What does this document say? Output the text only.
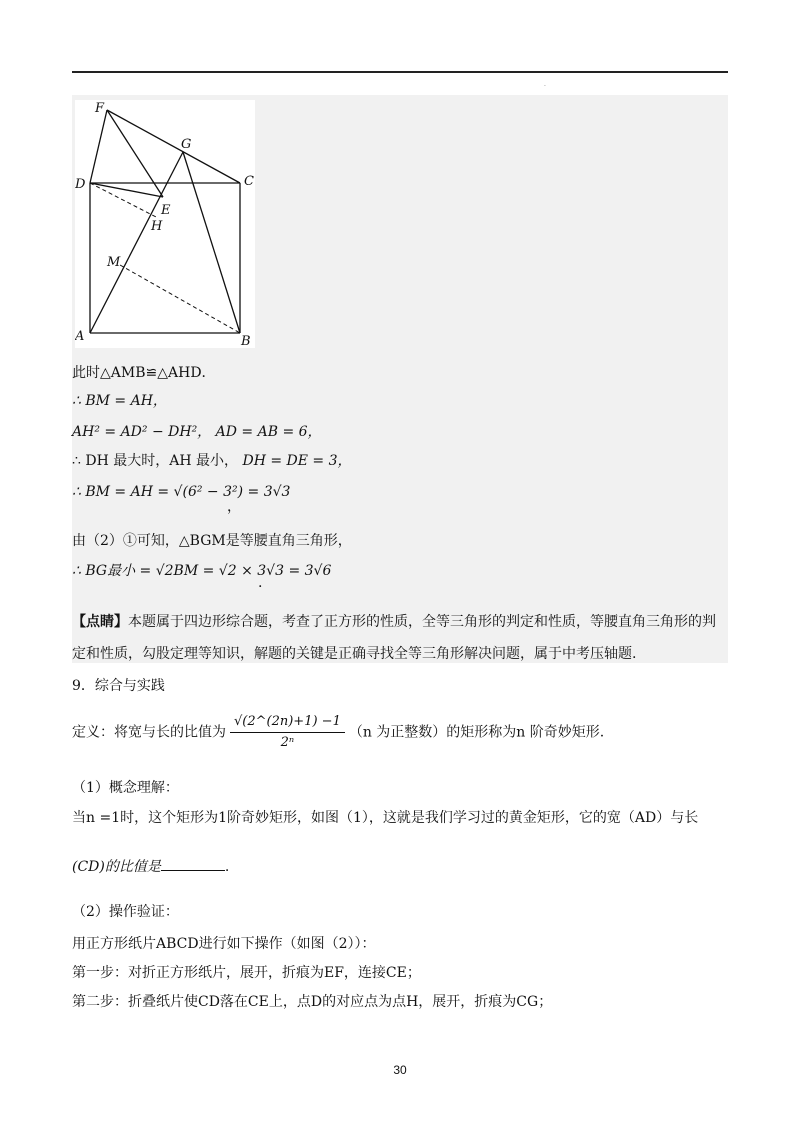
·
F
G
D	C
E
H
M
A	B
此时△AMB≌△AHD．
∴ BM = AH，
AH² = AD² − DH²， AD = AB = 6，
∴ DH 最大时，AH 最小， DH = DE = 3，
∴ BM = AH = √(6² − 3²) = 3√3
，
由（2）①可知，△BGM是等腰直角三角形，
∴ BG最小 = √2BM = √2 × 3√3 = 3√6
.
【点睛】本题属于四边形综合题，考查了正方形的性质，全等三角形的判定和性质，等腰直角三角形的判
定和性质，勾股定理等知识，解题的关键是正确寻找全等三角形解决问题，属于中考压轴题.
9．综合与实践
定义：将宽与长的比值为 $\frac{√(2\^{}(2n)+1) -1}{\text{2ⁿ}} (n$ 为正整数）的矩形称为n 阶奇妙矩形.
（1）概念理解：
当n =1时，这个矩形为1阶奇妙矩形，如图（1），这就是我们学习过的黄金矩形，它的宽（AD）与长
(CD)的比值是	.
（2）操作验证：
用正方形纸片ABCD进行如下操作（如图（2））：
第一步：对折正方形纸片，展开，折痕为EF，连接CE；
第二步：折叠纸片使CD落在CE上，点D的对应点为点H，展开，折痕为CG；
30
